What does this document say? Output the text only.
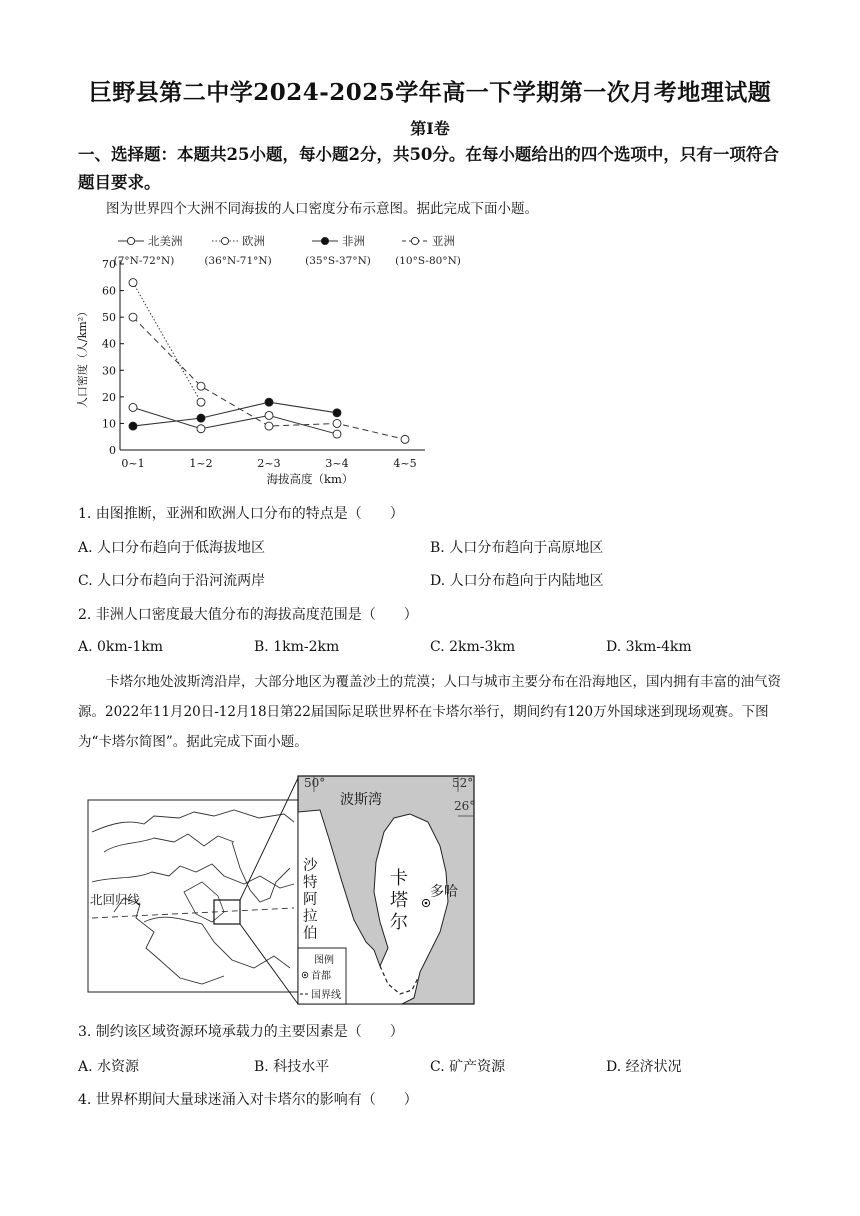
巨野县第二中学2024-2025学年高一下学期第一次月考地理试题
第I卷
一、选择题：本题共25小题，每小题2分，共50分。在每小题给出的四个选项中，只有一项符合题目要求。
图为世界四个大洲不同海拔的人口密度分布示意图。据此完成下面小题。
0
10
20
30
40
50
60
70
0~1	1~2	2~3	3~4	4~5
海拔高度（km）
人口密度（人/km²）
北美洲
(7°N-72°N)
欧洲
(36°N-71°N)
非洲
(35°S-37°N)
亚洲
(10°S-80°N)
1. 由图推断，亚洲和欧洲人口分布的特点是（　　）
A. 人口分布趋向于低海拔地区	B. 人口分布趋向于高原地区
C. 人口分布趋向于沿河流两岸	D. 人口分布趋向于内陆地区
2. 非洲人口密度最大值分布的海拔高度范围是（　　）
A. 0km-1km	B. 1km-2km	C. 2km-3km	D. 3km-4km
卡塔尔地处波斯湾沿岸，大部分地区为覆盖沙土的荒漠；人口与城市主要分布在沿海地区，国内拥有丰富的油气资源。2022年11月20日-12月18日第22届国际足联世界杯在卡塔尔举行，期间约有120万外国球迷到现场观赛。下图为“卡塔尔简图”。据此完成下面小题。
北回归线
50°	52°
26°
波斯湾
沙
特
阿
拉
伯
卡
塔
尔
多哈
图例
首都
国界线
3. 制约该区域资源环境承载力的主要因素是（　　）
A. 水资源	B. 科技水平	C. 矿产资源	D. 经济状况
4. 世界杯期间大量球迷涌入对卡塔尔的影响有（　　）
